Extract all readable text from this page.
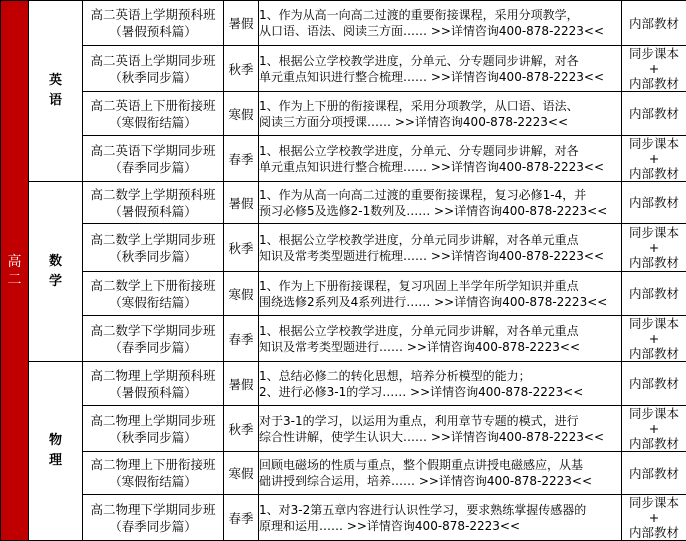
高二	英语	高二英语上学期预科班
（暑假预科篇）	暑假	1、作为从高一向高二过渡的重要衔接课程，采用分项教学，
从口语、语法、阅读三方面…… >>详情咨询400-878-2223<<	内部教材

		高二英语上学期同步班
（秋季同步篇）	秋季	1、根据公立学校教学进度，分单元、分专题同步讲解，对各
单元重点知识进行整合梳理…… >>详情咨询400-878-2223<<	同步课本
+
内部教材

		高二英语上下册衔接班
（寒假衔结篇）	寒假	1、作为上下册的衔接课程，采用分项教学，从口语、语法、
阅读三方面分项授课…… >>详情咨询400-878-2223<<	内部教材

		高二英语下学期同步班
（春季同步篇）	春季	1、根据公立学校教学进度，分单元、分专题同步讲解，对各
单元重点知识进行整合梳理…… >>详情咨询400-878-2223<<	同步课本
+
内部教材

	数学	高二数学上学期预科班
（暑假预科篇）	暑假	1、作为从高一向高二过渡的重要衔接课程，复习必修1-4，并
预习必修5及选修2-1数列及…… >>详情咨询400-878-2223<<	内部教材

		高二数学上学期同步班
（秋季同步篇）	秋季	1、根据公立学校教学进度，分单元同步讲解，对各单元重点
知识及常考类型题进行梳理…… >>详情咨询400-878-2223<<	同步课本
+
内部教材

		高二数学上下册衔接班
（寒假衔结篇）	寒假	1、作为上下册衔接课程，复习巩固上半学年所学知识并重点
围绕选修2系列及4系列进行…… >>详情咨询400-878-2223<<	内部教材

		高二数学下学期同步班
（春季同步篇）	春季	1、根据公立学校教学进度，分单元同步讲解，对各单元重点
知识及常考类型题进行…… >>详情咨询400-878-2223<<	同步课本
+
内部教材

	物理	高二物理上学期预科班
（暑假预科篇）	暑假	1、总结必修二的转化思想，培养分析模型的能力；
2、进行必修3-1的学习…… >>详情咨询400-878-2223<<	内部教材

		高二物理上学期同步班
（秋季同步篇）	秋季	对于3-1的学习，以运用为重点，利用章节专题的模式，进行
综合性讲解，使学生认识大…… >>详情咨询400-878-2223<<	同步课本
+
内部教材

		高二物理上下册衔接班
（寒假衔结篇）	寒假	回顾电磁场的性质与重点，整个假期重点讲授电磁感应，从基
础讲授到综合运用，培养…… >>详情咨询400-878-2223<<	内部教材

		高二物理下学期同步班
（春季同步篇）	春季	1、对3-2第五章内容进行认识性学习，要求熟练掌握传感器的
原理和运用…… >>详情咨询400-878-2223<<	同步课本
+
内部教材
